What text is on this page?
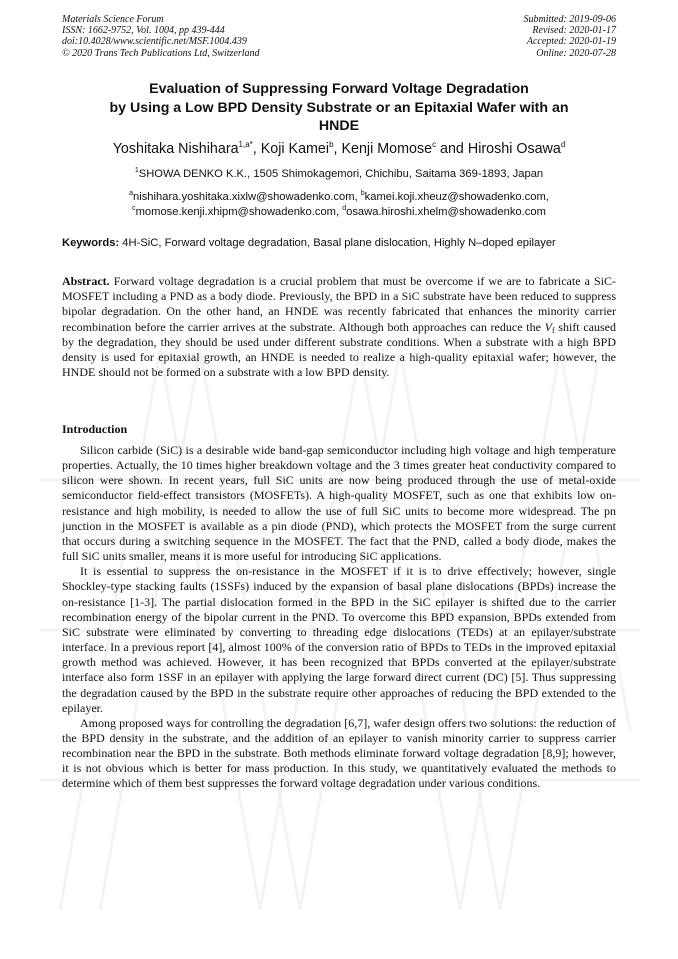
Materials Science Forum
ISSN: 1662-9752, Vol. 1004, pp 439-444
doi:10.4028/www.scientific.net/MSF.1004.439
© 2020 Trans Tech Publications Ltd, Switzerland
Submitted: 2019-09-06
Revised: 2020-01-17
Accepted: 2020-01-19
Online: 2020-07-28
Evaluation of Suppressing Forward Voltage Degradation
by Using a Low BPD Density Substrate or an Epitaxial Wafer with an
HNDE
Yoshitaka Nishihara$^{1,a*}$, Koji Kamei$^b$, Kenji Momose$^c$ and Hiroshi Osawa$^d$
$^1$SHOWA DENKO K.K., 1505 Shimokagemori, Chichibu, Saitama 369-1893, Japan
$^a$nishihara.yoshitaka.xixlw@showadenko.com, $^b$kamei.koji.xheuz@showadenko.com,
$^c$momose.kenji.xhipm@showadenko.com, $^d$osawa.hiroshi.xhelm@showadenko.com
Keywords: 4H-SiC, Forward voltage degradation, Basal plane dislocation, Highly N–doped epilayer
Abstract. Forward voltage degradation is a crucial problem that must be overcome if we are to fabricate a SiC-MOSFET including a PND as a body diode. Previously, the BPD in a SiC substrate have been reduced to suppress bipolar degradation. On the other hand, an HNDE was recently fabricated that enhances the minority carrier recombination before the carrier arrives at the substrate. Although both approaches can reduce the $V_f$ shift caused by the degradation, they should be used under different substrate conditions. When a substrate with a high BPD density is used for epitaxial growth, an HNDE is needed to realize a high-quality epitaxial wafer; however, the HNDE should not be formed on a substrate with a low BPD density.
Introduction

Silicon carbide (SiC) is a desirable wide band-gap semiconductor including high voltage and high temperature properties. Actually, the 10 times higher breakdown voltage and the 3 times greater heat conductivity compared to silicon were shown. In recent years, full SiC units are now being produced through the use of metal-oxide semiconductor field-effect transistors (MOSFETs). A high-quality MOSFET, such as one that exhibits low on-resistance and high mobility, is needed to allow the use of full SiC units to become more widespread. The pn junction in the MOSFET is available as a pin diode (PND), which protects the MOSFET from the surge current that occurs during a switching sequence in the MOSFET. The fact that the PND, called a body diode, makes the full SiC units smaller, means it is more useful for introducing SiC applications.

It is essential to suppress the on-resistance in the MOSFET if it is to drive effectively; however, single Shockley-type stacking faults (1SSFs) induced by the expansion of basal plane dislocations (BPDs) increase the on-resistance [1-3]. The partial dislocation formed in the BPD in the SiC epilayer is shifted due to the carrier recombination energy of the bipolar current in the PND. To overcome this BPD expansion, BPDs extended from SiC substrate were eliminated by converting to threading edge dislocations (TEDs) at an epilayer/substrate interface. In a previous report [4], almost 100% of the conversion ratio of BPDs to TEDs in the improved epitaxial growth method was achieved. However, it has been recognized that BPDs converted at the epilayer/substrate interface also form 1SSF in an epilayer with applying the large forward direct current (DC) [5]. Thus suppressing the degradation caused by the BPD in the substrate require other approaches of reducing the BPD extended to the epilayer.

Among proposed ways for controlling the degradation [6,7], wafer design offers two solutions: the reduction of the BPD density in the substrate, and the addition of an epilayer to vanish minority carrier to suppress carrier recombination near the BPD in the substrate. Both methods eliminate forward voltage degradation [8,9]; however, it is not obvious which is better for mass production. In this study, we quantitatively evaluated the methods to determine which of them best suppresses the forward voltage degradation under various conditions.
